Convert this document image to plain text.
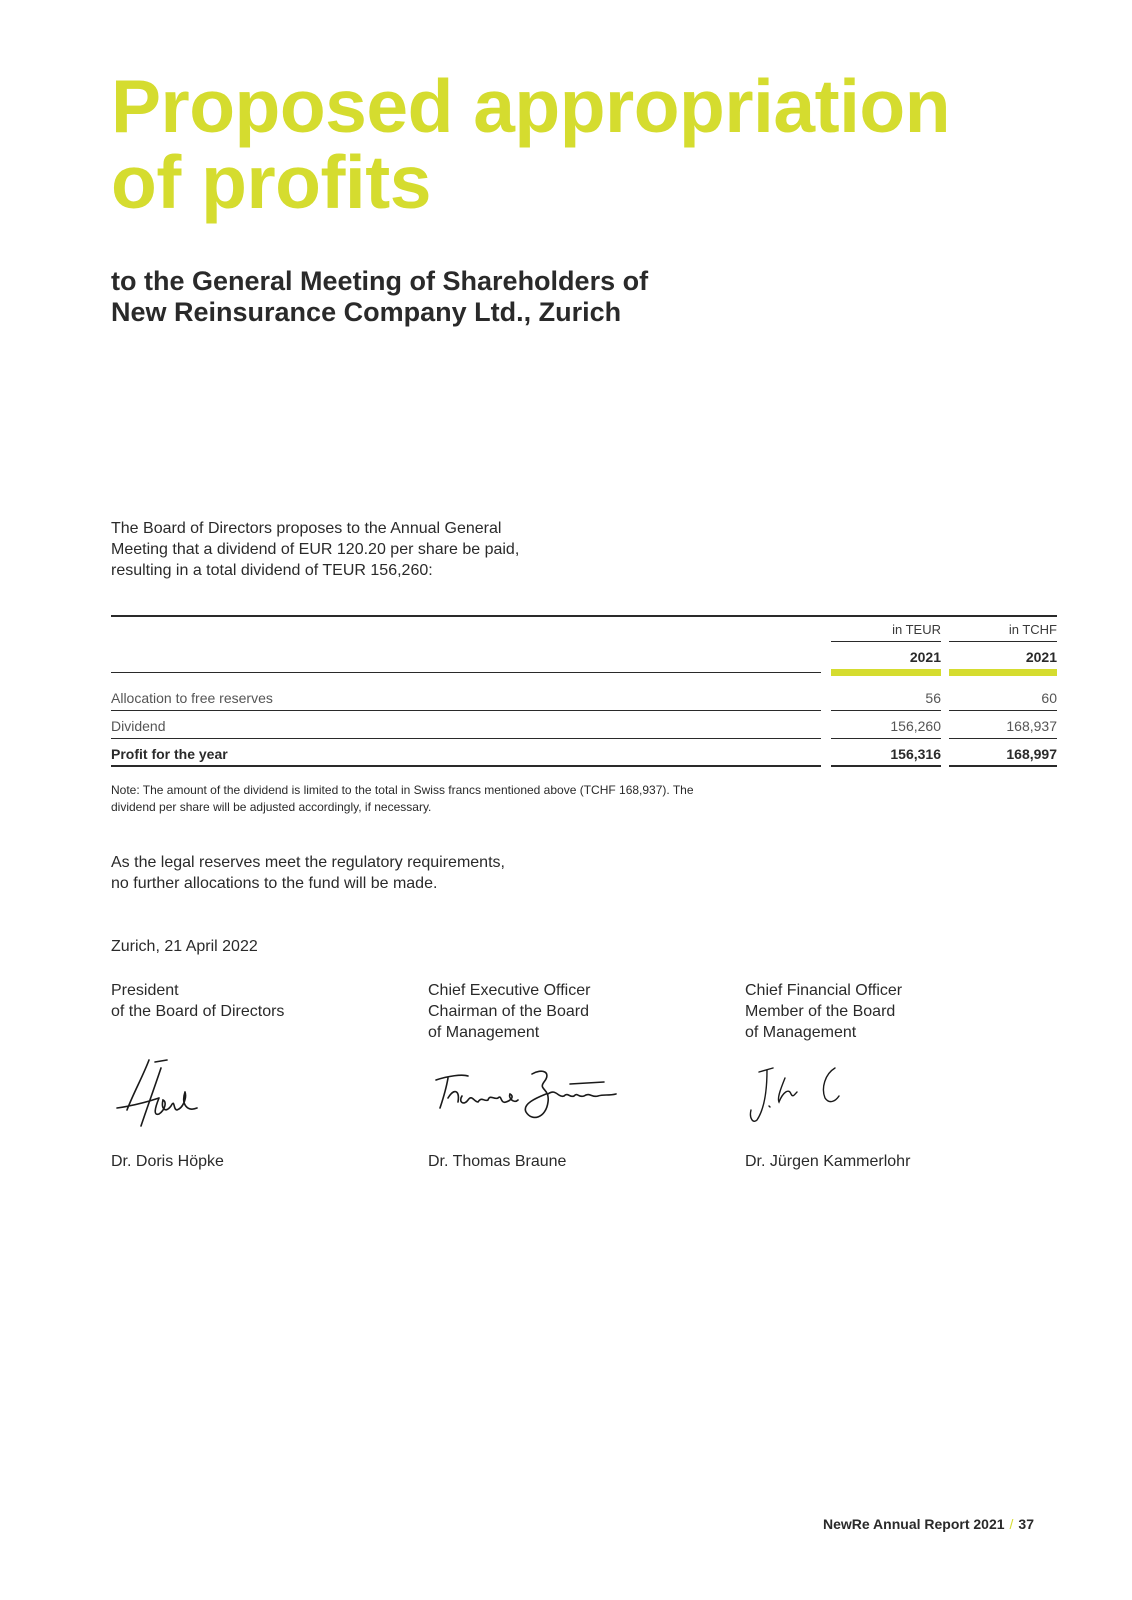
Proposed appropriation
of profits
to the General Meeting of Shareholders of
New Reinsurance Company Ltd., Zurich

The Board of Directors proposes to the Annual General
Meeting that a dividend of EUR 120.20 per share be paid,
resulting in a total dividend of TEUR 156,260:

in TEUR	in TCHF
2021	2021
Allocation to free reserves	56	60
Dividend	156,260	168,937
Profit for the year	156,316	168,997

Note: The amount of the dividend is limited to the total in Swiss francs mentioned above (TCHF 168,937). The
dividend per share will be adjusted accordingly, if necessary.

As the legal reserves meet the regulatory requirements,
no further allocations to the fund will be made.

Zurich, 21 April 2022
President
of the Board of Directors
Dr. Doris Höpke
Chief Executive Officer
Chairman of the Board
of Management
Dr. Thomas Braune
Chief Financial Officer
Member of the Board
of Management
Dr. Jürgen Kammerlohr
NewRe Annual Report 2021 / 37
